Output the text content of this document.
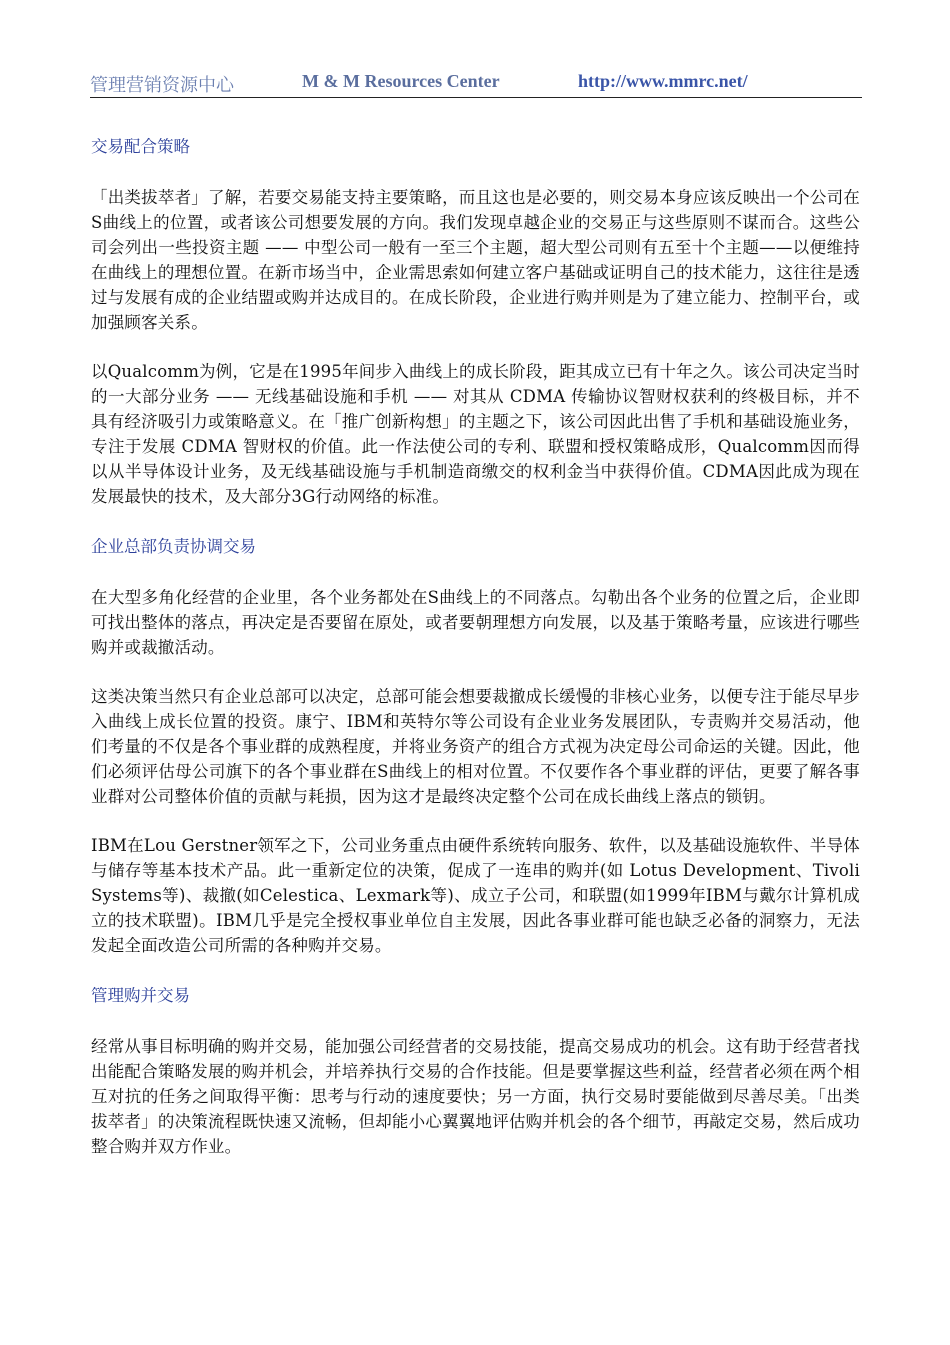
管理营销资源中心	M & M Resources Center	http://www.mmrc.net/
交易配合策略

「出类拔萃者」了解，若要交易能支持主要策略，而且这也是必要的，则交易本身应该反映出一个公司在S曲线上的位置，或者该公司想要发展的方向。我们发现卓越企业的交易正与这些原则不谋而合。这些公司会列出一些投资主题 —— 中型公司一般有一至三个主题，超大型公司则有五至十个主题——以便维持在曲线上的理想位置。在新市场当中，企业需思索如何建立客户基础或证明自己的技术能力，这往往是透过与发展有成的企业结盟或购并达成目的。在成长阶段，企业进行购并则是为了建立能力、控制平台，或加强顾客关系。

以Qualcomm为例，它是在1995年间步入曲线上的成长阶段，距其成立已有十年之久。该公司决定当时的一大部分业务 —— 无线基础设施和手机 —— 对其从 CDMA 传输协议智财权获利的终极目标，并不具有经济吸引力或策略意义。在「推广创新构想」的主题之下，该公司因此出售了手机和基础设施业务，专注于发展 CDMA 智财权的价值。此一作法使公司的专利、联盟和授权策略成形，Qualcomm因而得以从半导体设计业务，及无线基础设施与手机制造商缴交的权利金当中获得价值。CDMA因此成为现在发展最快的技术，及大部分3G行动网络的标准。

企业总部负责协调交易

在大型多角化经营的企业里，各个业务都处在S曲线上的不同落点。勾勒出各个业务的位置之后，企业即可找出整体的落点，再决定是否要留在原处，或者要朝理想方向发展，以及基于策略考量，应该进行哪些购并或裁撤活动。

这类决策当然只有企业总部可以决定，总部可能会想要裁撤成长缓慢的非核心业务，以便专注于能尽早步入曲线上成长位置的投资。康宁、IBM和英特尔等公司设有企业业务发展团队，专责购并交易活动，他们考量的不仅是各个事业群的成熟程度，并将业务资产的组合方式视为决定母公司命运的关键。因此，他们必须评估母公司旗下的各个事业群在S曲线上的相对位置。不仅要作各个事业群的评估，更要了解各事业群对公司整体价值的贡献与耗损，因为这才是最终决定整个公司在成长曲线上落点的锁钥。

IBM在Lou Gerstner领军之下，公司业务重点由硬件系统转向服务、软件，以及基础设施软件、半导体与储存等基本技术产品。此一重新定位的决策，促成了一连串的购并(如 Lotus Development、Tivoli Systems等)、裁撤(如Celestica、Lexmark等)、成立子公司，和联盟(如1999年IBM与戴尔计算机成立的技术联盟)。IBM几乎是完全授权事业单位自主发展，因此各事业群可能也缺乏必备的洞察力，无法发起全面改造公司所需的各种购并交易。

管理购并交易

经常从事目标明确的购并交易，能加强公司经营者的交易技能，提高交易成功的机会。这有助于经营者找出能配合策略发展的购并机会，并培养执行交易的合作技能。但是要掌握这些利益，经营者必须在两个相互对抗的任务之间取得平衡：思考与行动的速度要快；另一方面，执行交易时要能做到尽善尽美。「出类拔萃者」的决策流程既快速又流畅，但却能小心翼翼地评估购并机会的各个细节，再敲定交易，然后成功整合购并双方作业。
